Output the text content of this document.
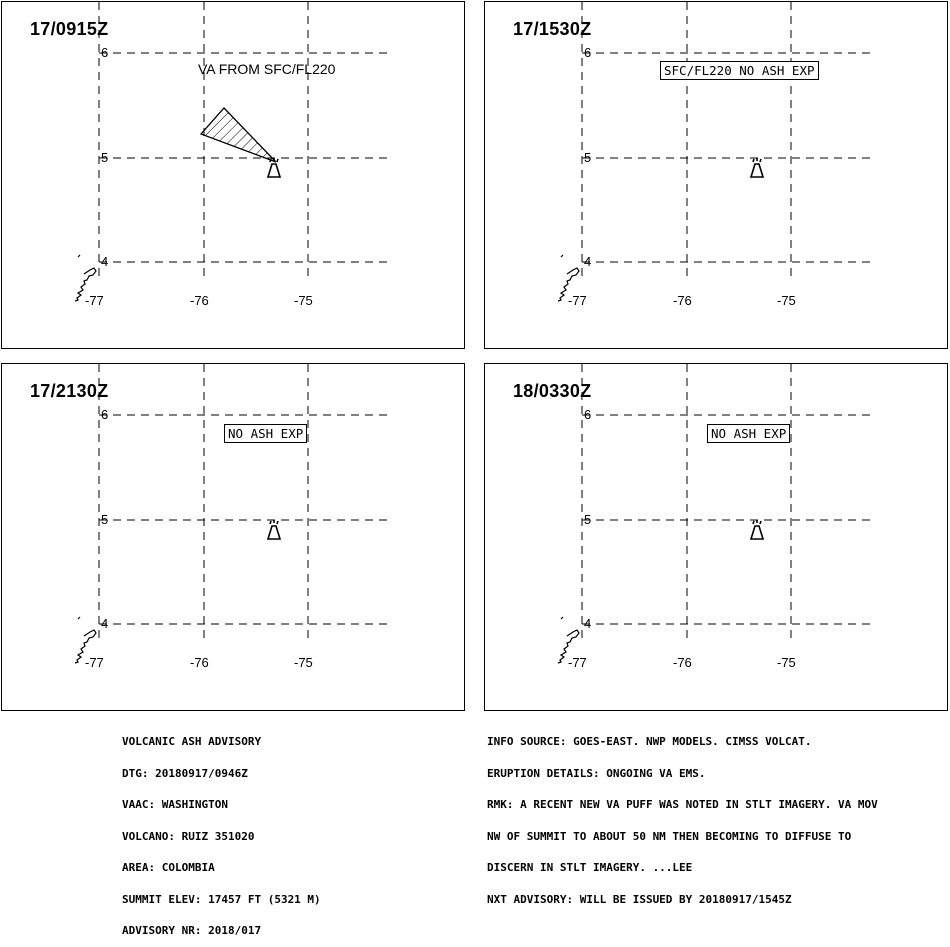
17/0915Z
6
5
4
-77	-76	-75
VA FROM SFC/FL220
17/1530Z
6
5
4
-77	-76	-75
SFC/FL220 NO ASH EXP
17/2130Z
6
5
4
-77	-76	-75
NO ASH EXP
18/0330Z
6
5
4
-77	-76	-75
NO ASH EXP

VOLCANIC ASH ADVISORY

DTG: 20180917/0946Z

VAAC: WASHINGTON

VOLCANO: RUIZ 351020

AREA: COLOMBIA

SUMMIT ELEV: 17457 FT (5321 M)

ADVISORY NR: 2018/017

INFO SOURCE: GOES-EAST. NWP MODELS. CIMSS VOLCAT.

ERUPTION DETAILS: ONGOING VA EMS.

RMK: A RECENT NEW VA PUFF WAS NOTED IN STLT IMAGERY. VA MOV

NW OF SUMMIT TO ABOUT 50 NM THEN BECOMING TO DIFFUSE TO

DISCERN IN STLT IMAGERY. ...LEE

NXT ADVISORY: WILL BE ISSUED BY 20180917/1545Z
